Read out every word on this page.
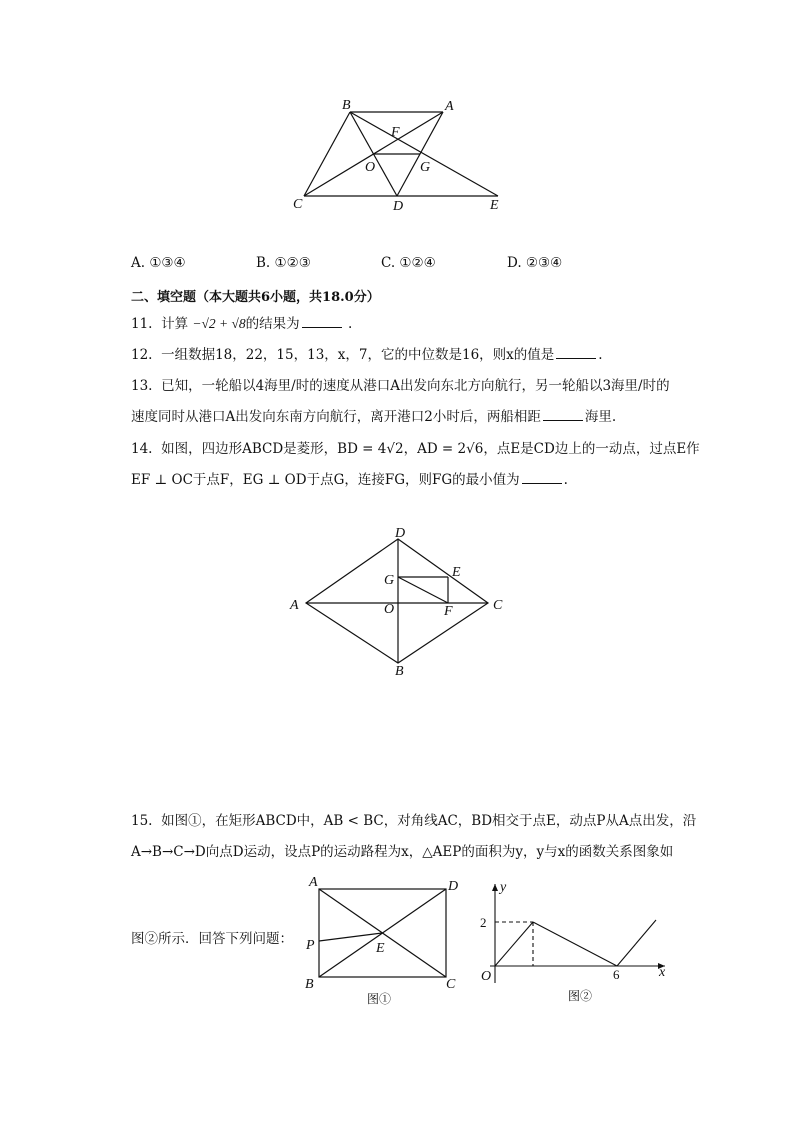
B	A
F
O	G
C	D	E
A. ①③④	B. ①②③	C. ①②④	D. ②③④
二、填空题（本大题共6小题，共18.0分）
11. 计算 −√2 + √8的结果为	.
12. 一组数据18，22，15，13，x，7，它的中位数是16，则x的值是	.
13. 已知，一轮船以4海里/时的速度从港口A出发向东北方向航行，另一轮船以3海里/时的
速度同时从港口A出发向东南方向航行，离开港口2小时后，两船相距	海里.
14. 如图，四边形ABCD是菱形，BD = 4√2，AD = 2√6，点E是CD边上的一动点，过点E作
EF ⊥ OC于点F，EG ⊥ OD于点G，连接FG，则FG的最小值为	.
D
G
E
A	O	F	C
B
15. 如图①，在矩形ABCD中，AB < BC，对角线AC，BD相交于点E，动点P从A点出发，沿
A→B→C→D向点D运动，设点P的运动路程为x，△AEP的面积为y，y与x的函数关系图象如
图②所示．回答下列问题：
A	D
P	E
B	C
图①
y
x
O
2
6
图②
